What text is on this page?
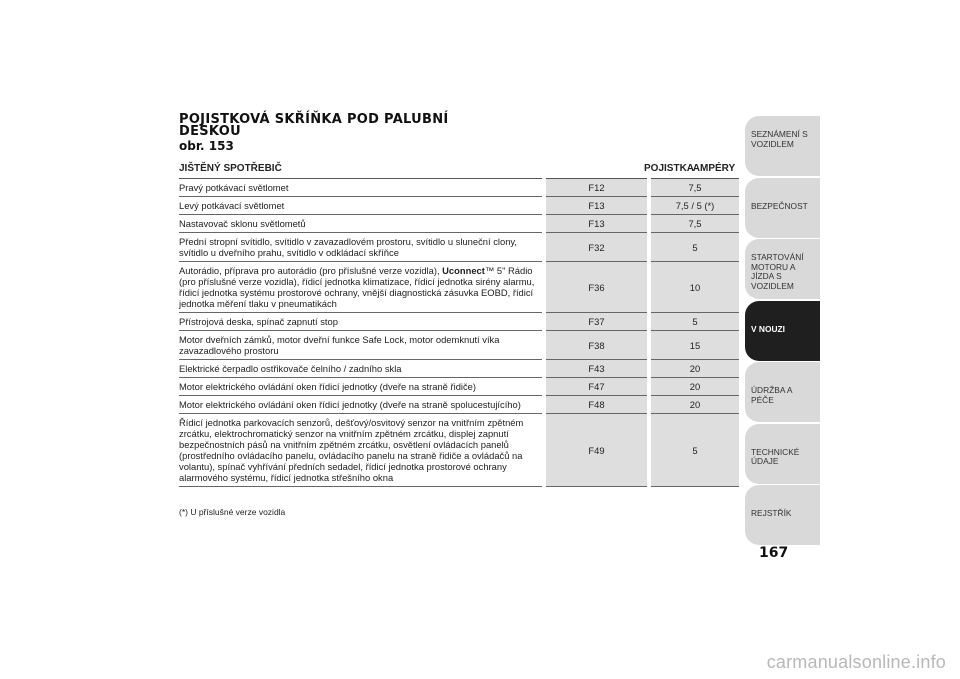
POJISTKOVÁ SKŘÍŇKA POD PALUBNÍ DESKOU
obr. 153
JIŠTĚNÝ SPOTŘEBIČ	POJISTKA	AMPÉRY
Pravý potkávací světlomet	F12	7,5
Levý potkávací světlomet	F13	7,5 / 5 (*)
Nastavovač sklonu světlometů	F13	7,5
Přední stropní svítidlo, svítidlo v zavazadlovém prostoru, svítidlo u sluneční clony, svítidlo u dveřního prahu, svítidlo v odkládací skříňce	F32	5
Autorádio, příprava pro autorádio (pro příslušné verze vozidla), Uconnect™ 5" Rádio (pro příslušné verze vozidla), řídicí jednotka klimatizace, řídicí jednotka sirény alarmu, řídicí jednotka systému prostorové ochrany, vnější diagnostická zásuvka EOBD, řídicí jednotka měření tlaku v pneumatikách	F36	10
Přístrojová deska, spínač zapnutí stop	F37	5
Motor dveřních zámků, motor dveřní funkce Safe Lock, motor odemknutí víka zavazadlového prostoru	F38	15
Elektrické čerpadlo ostřikovače čelního / zadního skla	F43	20
Motor elektrického ovládání oken řídicí jednotky (dveře na straně řidiče)	F47	20
Motor elektrického ovládání oken řídicí jednotky (dveře na straně spolucestujícího)	F48	20
Řídicí jednotka parkovacích senzorů, dešťový/osvitový senzor na vnitřním zpětném zrcátku, elektrochromatický senzor na vnitřním zpětném zrcátku, displej zapnutí bezpečnostních pásů na vnitřním zpětném zrcátku, osvětlení ovládacích panelů (prostředního ovládacího panelu, ovládacího panelu na straně řidiče a ovládačů na volantu), spínač vyhřívání předních sedadel, řídicí jednotka prostorové ochrany alarmového systému, řídicí jednotka střešního okna	F49	5
(*) U příslušné verze vozidla
SEZNÁMENÍ S VOZIDLEM
BEZPEČNOST
STARTOVÁNÍ MOTORU A JÍZDA S VOZIDLEM
V NOUZI
ÚDRŽBA A PÉČE
TECHNICKÉ ÚDAJE
REJSTŘÍK
167
carmanualsonline.info
